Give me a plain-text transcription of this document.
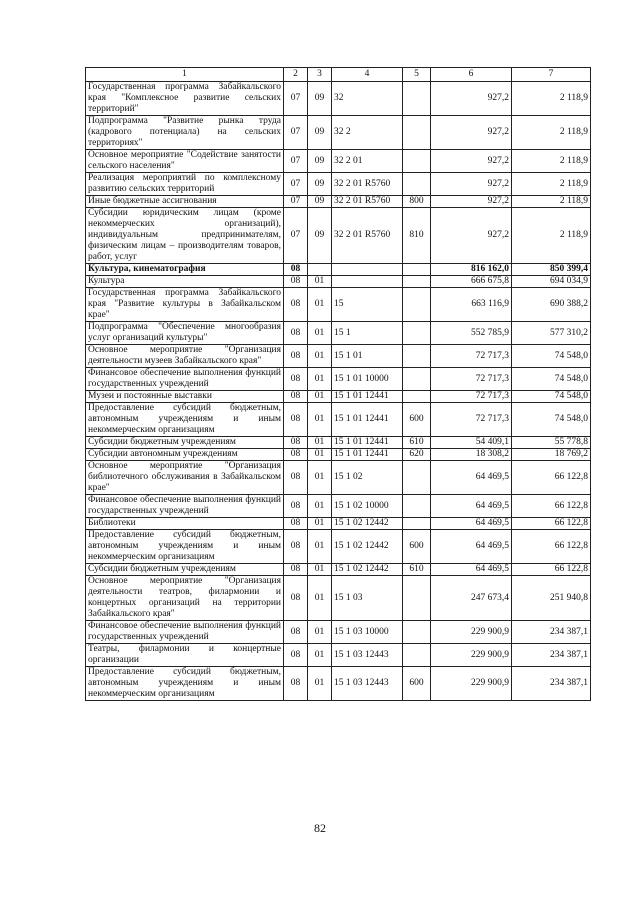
1	2	3	4	5	6	7
Государственная программа Забайкальского края "Комплексное развитие сельских территорий"	07	09	32		927,2	2 118,9
Подпрограмма "Развитие рынка труда (кадрового потенциала) на сельских территориях"	07	09	32 2		927,2	2 118,9
Основное мероприятие "Содействие занятости сельского населения"	07	09	32 2 01		927,2	2 118,9
Реализация мероприятий по комплексному развитию сельских территорий	07	09	32 2 01 R5760		927,2	2 118,9
Иные бюджетные ассигнования	07	09	32 2 01 R5760	800	927,2	2 118,9
Субсидии юридическим лицам (кроме некоммерческих организаций), индивидуальным предпринимателям, физическим лицам – производителям товаров, работ, услуг	07	09	32 2 01 R5760	810	927,2	2 118,9
Культура, кинематография	08				816 162,0	850 399,4
Культура	08	01			666 675,8	694 034,9
Государственная программа Забайкальского края "Развитие культуры в Забайкальском крае"	08	01	15		663 116,9	690 388,2
Подпрограмма "Обеспечение многообразия услуг организаций культуры"	08	01	15 1		552 785,9	577 310,2
Основное мероприятие "Организация деятельности музеев Забайкальского края"	08	01	15 1 01		72 717,3	74 548,0
Финансовое обеспечение выполнения функций государственных учреждений	08	01	15 1 01 10000		72 717,3	74 548,0
Музеи и постоянные выставки	08	01	15 1 01 12441		72 717,3	74 548,0
Предоставление субсидий бюджетным, автономным учреждениям и иным некоммерческим организациям	08	01	15 1 01 12441	600	72 717,3	74 548,0
Субсидии бюджетным учреждениям	08	01	15 1 01 12441	610	54 409,1	55 778,8
Субсидии автономным учреждениям	08	01	15 1 01 12441	620	18 308,2	18 769,2
Основное мероприятие "Организация библиотечного обслуживания в Забайкальском крае"	08	01	15 1 02		64 469,5	66 122,8
Финансовое обеспечение выполнения функций государственных учреждений	08	01	15 1 02 10000		64 469,5	66 122,8
Библиотеки	08	01	15 1 02 12442		64 469,5	66 122,8
Предоставление субсидий бюджетным, автономным учреждениям и иным некоммерческим организациям	08	01	15 1 02 12442	600	64 469,5	66 122,8
Субсидии бюджетным учреждениям	08	01	15 1 02 12442	610	64 469,5	66 122,8
Основное мероприятие "Организация деятельности театров, филармонии и концертных организаций на территории Забайкальского края"	08	01	15 1 03		247 673,4	251 940,8
Финансовое обеспечение выполнения функций государственных учреждений	08	01	15 1 03 10000		229 900,9	234 387,1
Театры, филармонии и концертные организации	08	01	15 1 03 12443		229 900,9	234 387,1
Предоставление субсидий бюджетным, автономным учреждениям и иным некоммерческим организациям	08	01	15 1 03 12443	600	229 900,9	234 387,1
82
